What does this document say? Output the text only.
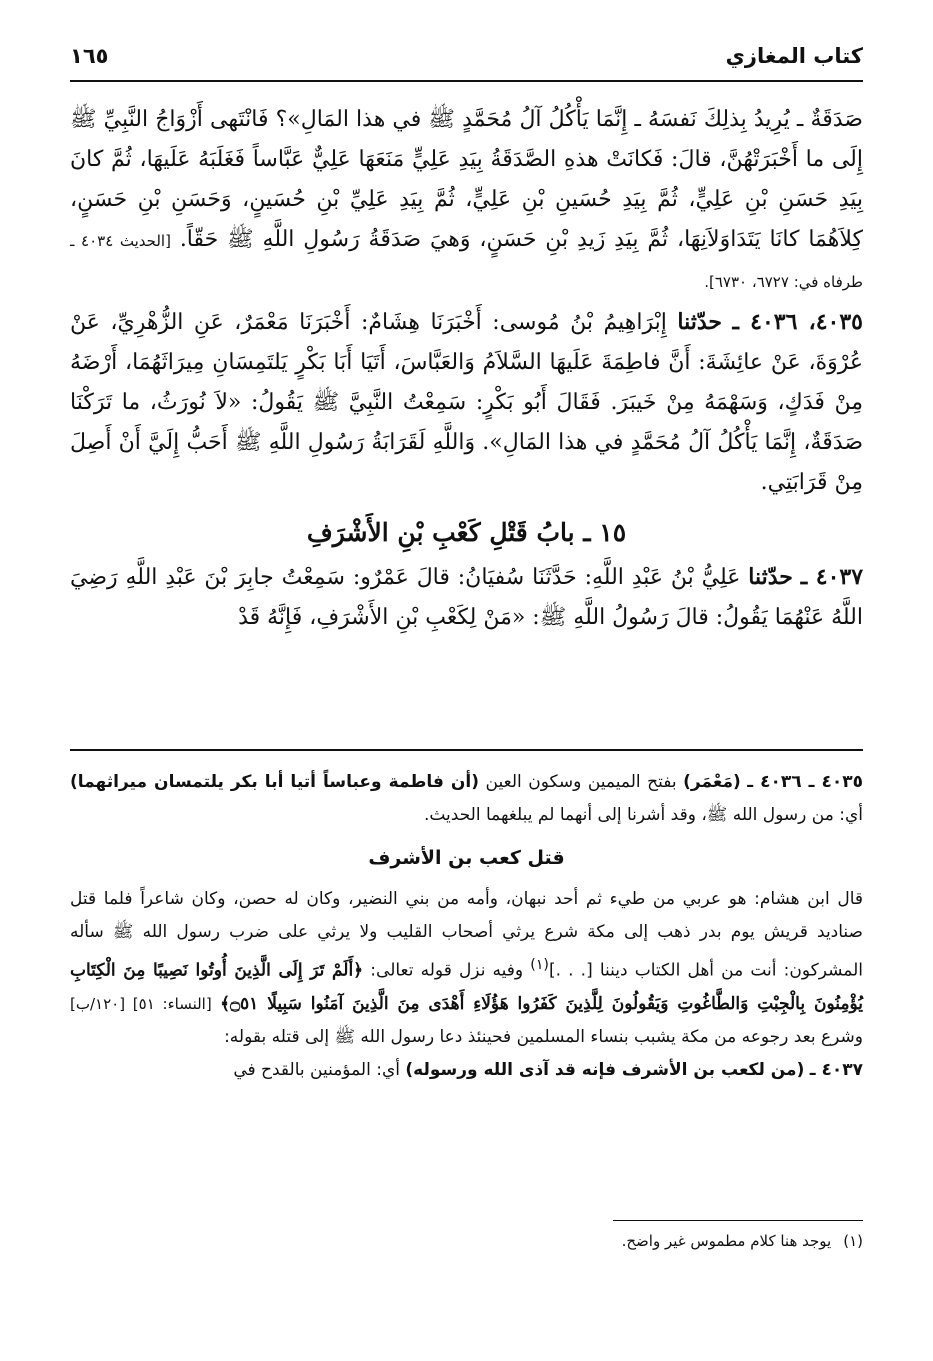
كتاب المغازي
١٦٥

صَدَقَةٌ ـ يُرِيدُ بِذلِكَ نَفسَهُ ـ إِنَّمَا يَأْكُلُ آلُ مُحَمَّدٍ ﷺ في هذا المَالِ»؟ فَانْتَهى أَزْوَاجُ النَّبِيِّ ﷺ إِلَى ما أَخْبَرَتْهُنَّ، قالَ: فَكانَتْ هذهِ الصَّدَقَةُ بِيَدِ عَلِيٍّ مَنَعَهَا عَلِيٌّ عَبَّاساً فَغَلَبَهُ عَلَيهَا، ثُمَّ كانَ بِيَدِ حَسَنِ بْنِ عَلِيٍّ، ثُمَّ بِيَدِ حُسَينِ بْنِ عَلِيٍّ، ثُمَّ بِيَدِ عَلِيِّ بْنِ حُسَينٍ، وَحَسَنِ بْنِ حَسَنٍ، كِلاَهُمَا كانَا يَتَدَاوَلاَنِهَا، ثُمَّ بِيَدِ زَيدِ بْنِ حَسَنٍ، وَهيَ صَدَقَةُ رَسُولِ اللَّهِ ﷺ حَقّاً. [الحديث ٤٠٣٤ ـ طرفاه في: ٦٧٢٧، ٦٧٣٠].

٤٠٣٥، ٤٠٣٦ ـ حدّثنا إِبْرَاهِيمُ بْنُ مُوسى: أَخْبَرَنَا هِشَامٌ: أَخْبَرَنَا مَعْمَرٌ، عَنِ الزُّهْرِيِّ، عَنْ عُرْوَةَ، عَنْ عائِشَةَ: أَنَّ فاطِمَةَ عَلَيهَا السَّلاَمُ وَالعَبَّاسَ، أَتَيَا أَبَا بَكْرٍ يَلتَمِسَانِ مِيرَاثَهُمَا، أَرْضَهُ مِنْ فَدَكٍ، وَسَهْمَهُ مِنْ خَيبَرَ. فَقَالَ أَبُو بَكْرٍ: سَمِعْتُ النَّبِيَّ ﷺ يَقُولُ: «لاَ نُورَثُ، ما تَرَكْنَا صَدَقَةٌ، إِنَّمَا يَأْكُلُ آلُ مُحَمَّدٍ في هذا المَالِ». وَاللَّهِ لَقَرَابَةُ رَسُولِ اللَّهِ ﷺ أَحَبُّ إِلَيَّ أَنْ أَصِلَ مِنْ قَرَابَتِي.

١٥ ـ بابُ قَتْلِ كَعْبِ بْنِ الأَشْرَفِ

٤٠٣٧ ـ حدّثنا عَلِيُّ بْنُ عَبْدِ اللَّهِ: حَدَّثَنَا سُفيَانُ: قالَ عَمْرٌو: سَمِعْتُ جابِرَ بْنَ عَبْدِ اللَّهِ رَضِيَ اللَّهُ عَنْهُمَا يَقُولُ: قالَ رَسُولُ اللَّهِ ﷺ: «مَنْ لِكَعْبِ بْنِ الأَشْرَفِ، فَإِنَّهُ قَدْ

٤٠٣٥ ـ ٤٠٣٦ ـ (مَعْمَر) بفتح الميمين وسكون العين (أن فاطمة وعباساً أتيا أبا بكر يلتمسان ميراثهما) أي: من رسول الله ﷺ، وقد أشرنا إلى أنهما لم يبلغهما الحديث.

قتل كعب بن الأشرف

قال ابن هشام: هو عربي من طيء ثم أحد نبهان، وأمه من بني النضير، وكان له حصن، وكان شاعراً فلما قتل صناديد قريش يوم بدر ذهب إلى مكة شرع يرثي أصحاب القليب ولا يرثي على ضرب رسول الله ﷺ سأله المشركون: أنت من أهل الكتاب ديننا [. . .]$^{(١)}$ وفيه نزل قوله تعالى: ﴿أَلَمْ تَرَ إِلَى الَّذِينَ أُوتُوا نَصِيبًا مِنَ الْكِتَابِ يُؤْمِنُونَ بِالْجِبْتِ وَالطَّاغُوتِ وَيَقُولُونَ لِلَّذِينَ كَفَرُوا هَؤُلَاءِ أَهْدَى مِنَ الَّذِينَ آمَنُوا سَبِيلًا ۝٥١﴾ [النساء: ٥١] [١٢٠/ب] وشرع بعد رجوعه من مكة يشبب بنساء المسلمين فحينئذ دعا رسول الله ﷺ إلى قتله بقوله:

٤٠٣٧ ـ (من لكعب بن الأشرف فإنه قد آذى الله ورسوله) أي: المؤمنين بالقدح في

(١)
يوجد هنا كلام مطموس غير واضح.
